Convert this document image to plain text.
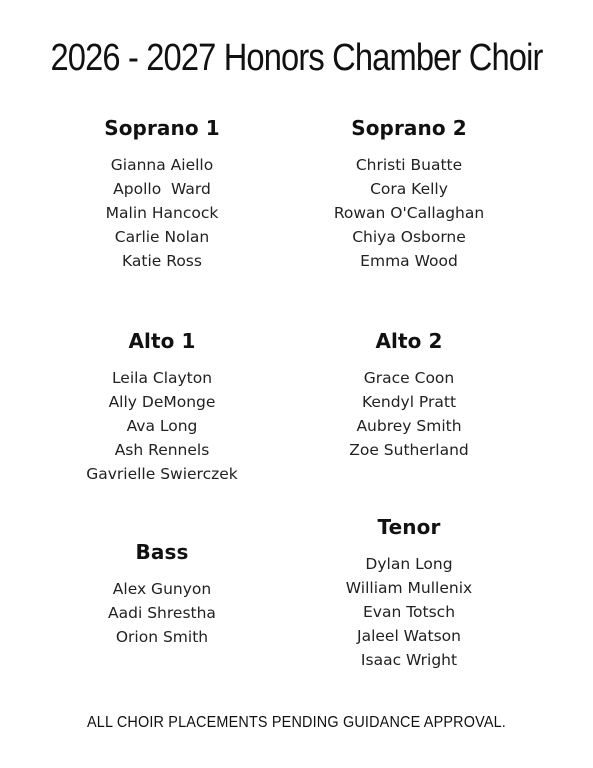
2026 - 2027 Honors Chamber Choir
Soprano 1
Gianna Aiello
Apollo  Ward
Malin Hancock
Carlie Nolan
Katie Ross
Soprano 2
Christi Buatte
Cora Kelly
Rowan O'Callaghan
Chiya Osborne
Emma Wood
Alto 1
Leila Clayton
Ally DeMonge
Ava Long
Ash Rennels
Gavrielle Swierczek
Alto 2
Grace Coon
Kendyl Pratt
Aubrey Smith
Zoe Sutherland
Bass
Alex Gunyon
Aadi Shrestha
Orion Smith
Tenor
Dylan Long
William Mullenix
Evan Totsch
Jaleel Watson
Isaac Wright
ALL CHOIR PLACEMENTS PENDING GUIDANCE APPROVAL.
